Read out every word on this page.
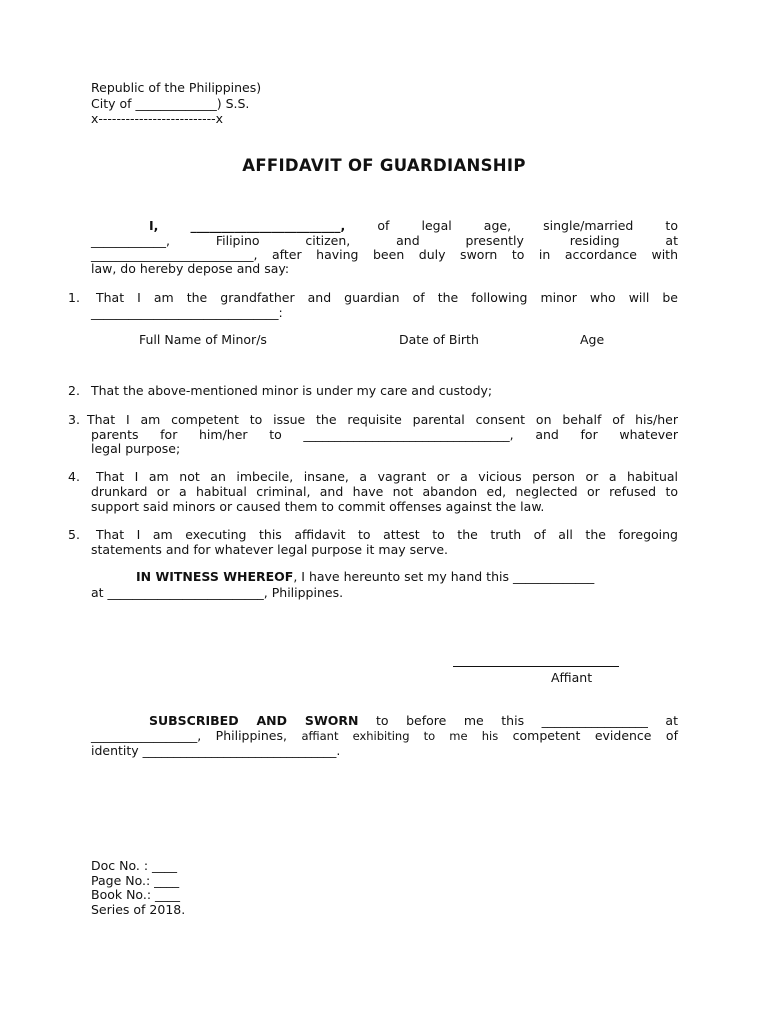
Republic of the Philippines)
City of _____________) S.S.
x--------------------------x
AFFIDAVIT OF GUARDIANSHIP
I,	________________________,	of legal age, single/married to
____________, Filipino citizen, and presently residing at
__________________________, after having been duly sworn to in accordance with
law, do hereby depose and say:
1. That I am the grandfather and guardian of the following minor who will be
______________________________:
Full Name of Minor/s	Date of Birth	Age
2. That the above-mentioned minor is under my care and custody;
3. That I am competent to issue the requisite parental consent on behalf of his/her
parents for him/her to _________________________________, and for whatever
legal purpose;
4. That I am not an imbecile, insane, a vagrant or a vicious person or a habitual
drunkard or a habitual criminal, and have not abandon ed, neglected or refused to
support said minors or caused them to commit offenses against the law.
5. That I am executing this affidavit to attest to the truth of all the foregoing
statements and for whatever legal purpose it may serve.
IN WITNESS WHEREOF, I have hereunto set my hand this _____________
at _________________________, Philippines.
Affiant
SUBSCRIBED AND SWORN to before me this _________________ at
_________________, Philippines, affiant exhibiting to me his competent evidence of
identity _______________________________.
Doc No. : ____
Page No.: ____
Book No.: ____
Series of 2018.
